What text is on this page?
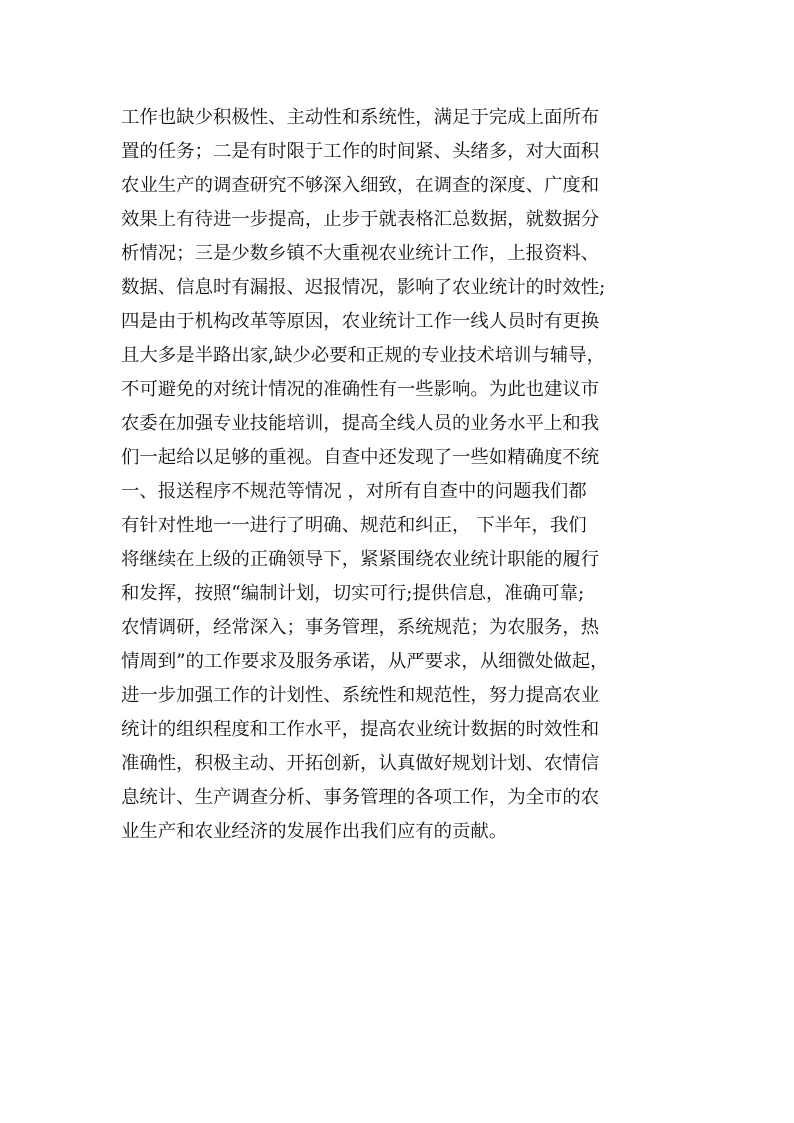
工作也缺少积极性、主动性和系统性，满足于完成上面所布
置的任务；二是有时限于工作的时间紧、头绪多，对大面积
农业生产的调查研究不够深入细致，在调查的深度、广度和
效果上有待进一步提高，止步于就表格汇总数据，就数据分
析情况；三是少数乡镇不大重视农业统计工作，上报资料、
数据、信息时有漏报、迟报情况，影响了农业统计的时效性;
四是由于机构改革等原因，农业统计工作一线人员时有更换
且大多是半路出家,缺少必要和正规的专业技术培训与辅导，
不可避免的对统计情况的准确性有一些影响。为此也建议市
农委在加强专业技能培训，提高全线人员的业务水平上和我
们一起给以足够的重视。自查中还发现了一些如精确度不统
一、报送程序不规范等情况 ，对所有自查中的问题我们都
有针对性地一一进行了明确、规范和纠正， 下半年，我们
将继续在上级的正确领导下，紧紧围绕农业统计职能的履行
和发挥，按照“编制计划，切实可行;提供信息，准确可靠;
农情调研，经常深入；事务管理，系统规范；为农服务，热
情周到”的工作要求及服务承诺，从严要求，从细微处做起，
进一步加强工作的计划性、系统性和规范性，努力提高农业
统计的组织程度和工作水平，提高农业统计数据的时效性和
准确性，积极主动、开拓创新，认真做好规划计划、农情信
息统计、生产调查分析、事务管理的各项工作，为全市的农
业生产和农业经济的发展作出我们应有的贡献。
